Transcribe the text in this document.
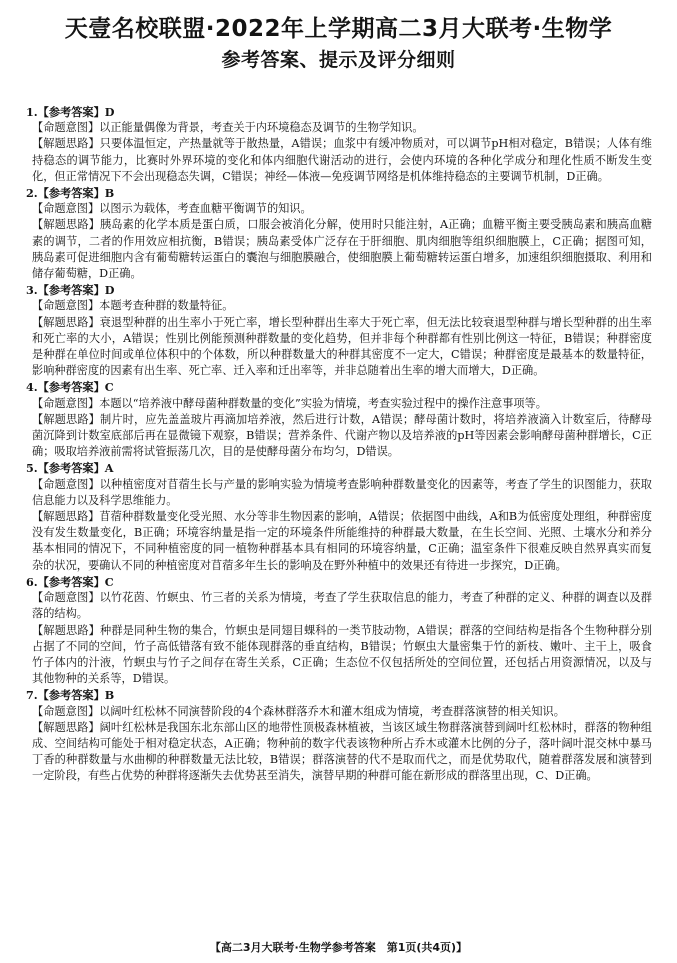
天壹名校联盟·2022年上学期高二3月大联考·生物学
参考答案、提示及评分细则

1.【参考答案】D

【命题意图】以正能量偶像为背景，考查关于内环境稳态及调节的生物学知识。

【解题思路】只要体温恒定，产热量就等于散热量，A错误；血浆中有缓冲物质对，可以调节pH相对稳定，B错误；人体有维持稳态的调节能力，比赛时外界环境的变化和体内细胞代谢活动的进行，会使内环境的各种化学成分和理化性质不断发生变化，但正常情况下不会出现稳态失调，C错误；神经—体液—免疫调节网络是机体维持稳态的主要调节机制，D正确。

2.【参考答案】B

【命题意图】以图示为载体，考查血糖平衡调节的知识。

【解题思路】胰岛素的化学本质是蛋白质，口服会被消化分解，使用时只能注射，A正确；血糖平衡主要受胰岛素和胰高血糖素的调节，二者的作用效应相抗衡，B错误；胰岛素受体广泛存在于肝细胞、肌肉细胞等组织细胞膜上，C正确；据图可知，胰岛素可促进细胞内含有葡萄糖转运蛋白的囊泡与细胞膜融合，使细胞膜上葡萄糖转运蛋白增多，加速组织细胞摄取、利用和储存葡萄糖，D正确。

3.【参考答案】D

【命题意图】本题考查种群的数量特征。

【解题思路】衰退型种群的出生率小于死亡率，增长型种群出生率大于死亡率，但无法比较衰退型种群与增长型种群的出生率和死亡率的大小，A错误；性别比例能预测种群数量的变化趋势，但并非每个种群都有性别比例这一特征，B错误；种群密度是种群在单位时间或单位体积中的个体数，所以种群数量大的种群其密度不一定大，C错误；种群密度是最基本的数量特征，影响种群密度的因素有出生率、死亡率、迁入率和迁出率等，并非总随着出生率的增大而增大，D正确。

4.【参考答案】C

【命题意图】本题以“培养液中酵母菌种群数量的变化”实验为情境，考查实验过程中的操作注意事项等。

【解题思路】制片时，应先盖盖玻片再滴加培养液，然后进行计数，A错误；酵母菌计数时，将培养液滴入计数室后，待酵母菌沉降到计数室底部后再在显微镜下观察，B错误；营养条件、代谢产物以及培养液的pH等因素会影响酵母菌种群增长，C正确；吸取培养液前需将试管振荡几次，目的是使酵母菌分布均匀，D错误。

5.【参考答案】A

【命题意图】以种植密度对苜蓿生长与产量的影响实验为情境考查影响种群数量变化的因素等，考查了学生的识图能力，获取信息能力以及科学思维能力。

【解题思路】苜蓿种群数量变化受光照、水分等非生物因素的影响，A错误；依据图中曲线，A和B为低密度处理组，种群密度没有发生数量变化，B正确；环境容纳量是指一定的环境条件所能维持的种群最大数量，在生长空间、光照、土壤水分和养分基本相同的情况下，不同种植密度的同一植物种群基本具有相同的环境容纳量，C正确；温室条件下很难反映自然界真实而复杂的状况，要确认不同的种植密度对苜蓿多年生长的影响及在野外种植中的效果还有待进一步探究，D正确。

6.【参考答案】C

【命题意图】以竹花茵、竹螟虫、竹三者的关系为情境，考查了学生获取信息的能力，考查了种群的定义、种群的调查以及群落的结构。

【解题思路】种群是同种生物的集合，竹螟虫是同翅目蜾科的一类节肢动物，A错误；群落的空间结构是指各个生物种群分别占据了不同的空间，竹子高低错落有致不能体现群落的垂直结构，B错误；竹螟虫大量密集于竹的新枝、嫩叶、主干上，吸食竹子体内的汁液，竹螟虫与竹子之间存在寄生关系，C正确；生态位不仅包括所处的空间位置，还包括占用资源情况，以及与其他物种的关系等，D错误。

7.【参考答案】B

【命题意图】以阔叶红松林不同演替阶段的4个森林群落乔木和灌木组成为情境，考查群落演替的相关知识。

【解题思路】阔叶红松林是我国东北东部山区的地带性顶极森林植被，当该区域生物群落演替到阔叶红松林时，群落的物种组成、空间结构可能处于相对稳定状态，A正确；物种前的数字代表该物种所占乔木或灌木比例的分子，落叶阔叶混交林中暴马丁香的种群数量与水曲柳的种群数量无法比较，B错误；群落演替的代不是取而代之，而是优势取代，随着群落发展和演替到一定阶段，有些占优势的种群将逐渐失去优势甚至消失，演替早期的种群可能在新形成的群落里出现，C、D正确。

【高二3月大联考·生物学参考答案　第1页(共4页)】
